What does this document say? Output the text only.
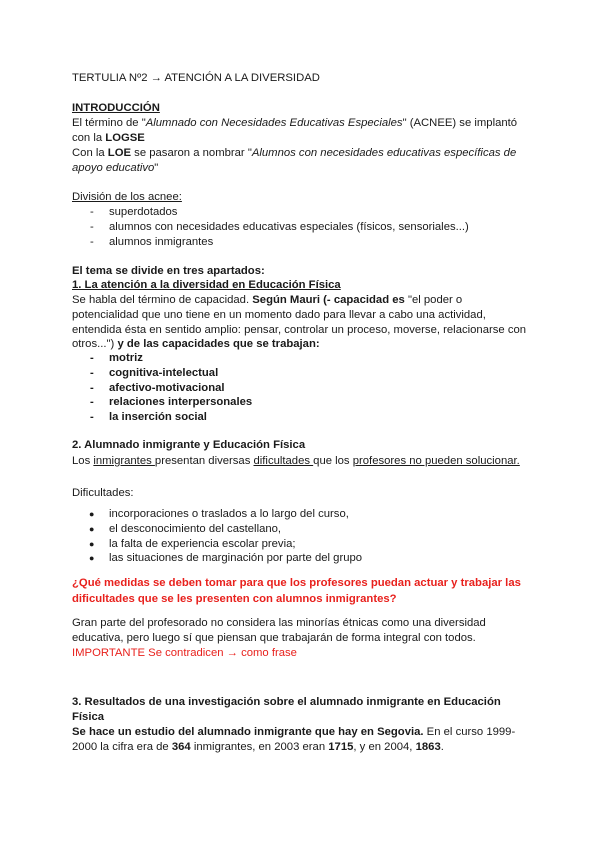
TERTULIA Nº2 → ATENCIÓN A LA DIVERSIDAD

INTRODUCCIÓN

El término de "Alumnado con Necesidades Educativas Especiales" (ACNEE) se implantó con la LOGSE

Con la LOE se pasaron a nombrar "Alumnos con necesidades educativas específicas de apoyo educativo"

División de los acnee:

- superdotados
- alumnos con necesidades educativas especiales (físicos, sensoriales...)
- alumnos inmigrantes

El tema se divide en tres apartados:

1. La atención a la diversidad en Educación Física

Se habla del término de capacidad. Según Mauri (- capacidad es "el poder o potencialidad que uno tiene en un momento dado para llevar a cabo una actividad, entendida ésta en sentido amplio: pensar, controlar un proceso, moverse, relacionarse con otros...") y de las capacidades que se trabajan:

- motriz
- cognitiva-intelectual
- afectivo-motivacional
- relaciones interpersonales
- la inserción social

2. Alumnado inmigrante y Educación Física

Los inmigrantes presentan diversas dificultades que los profesores no pueden solucionar.

Dificultades:

● incorporaciones o traslados a lo largo del curso,
● el desconocimiento del castellano,
● la falta de experiencia escolar previa;
● las situaciones de marginación por parte del grupo

¿Qué medidas se deben tomar para que los profesores puedan actuar y trabajar las dificultades que se les presenten con alumnos inmigrantes?

Gran parte del profesorado no considera las minorías étnicas como una diversidad educativa, pero luego sí que piensan que trabajarán de forma integral con todos.

IMPORTANTE Se contradicen → como frase

3. Resultados de una investigación sobre el alumnado inmigrante en Educación Física

Se hace un estudio del alumnado inmigrante que hay en Segovia. En el curso 1999-2000 la cifra era de 364 inmigrantes, en 2003 eran 1715, y en 2004, 1863.
